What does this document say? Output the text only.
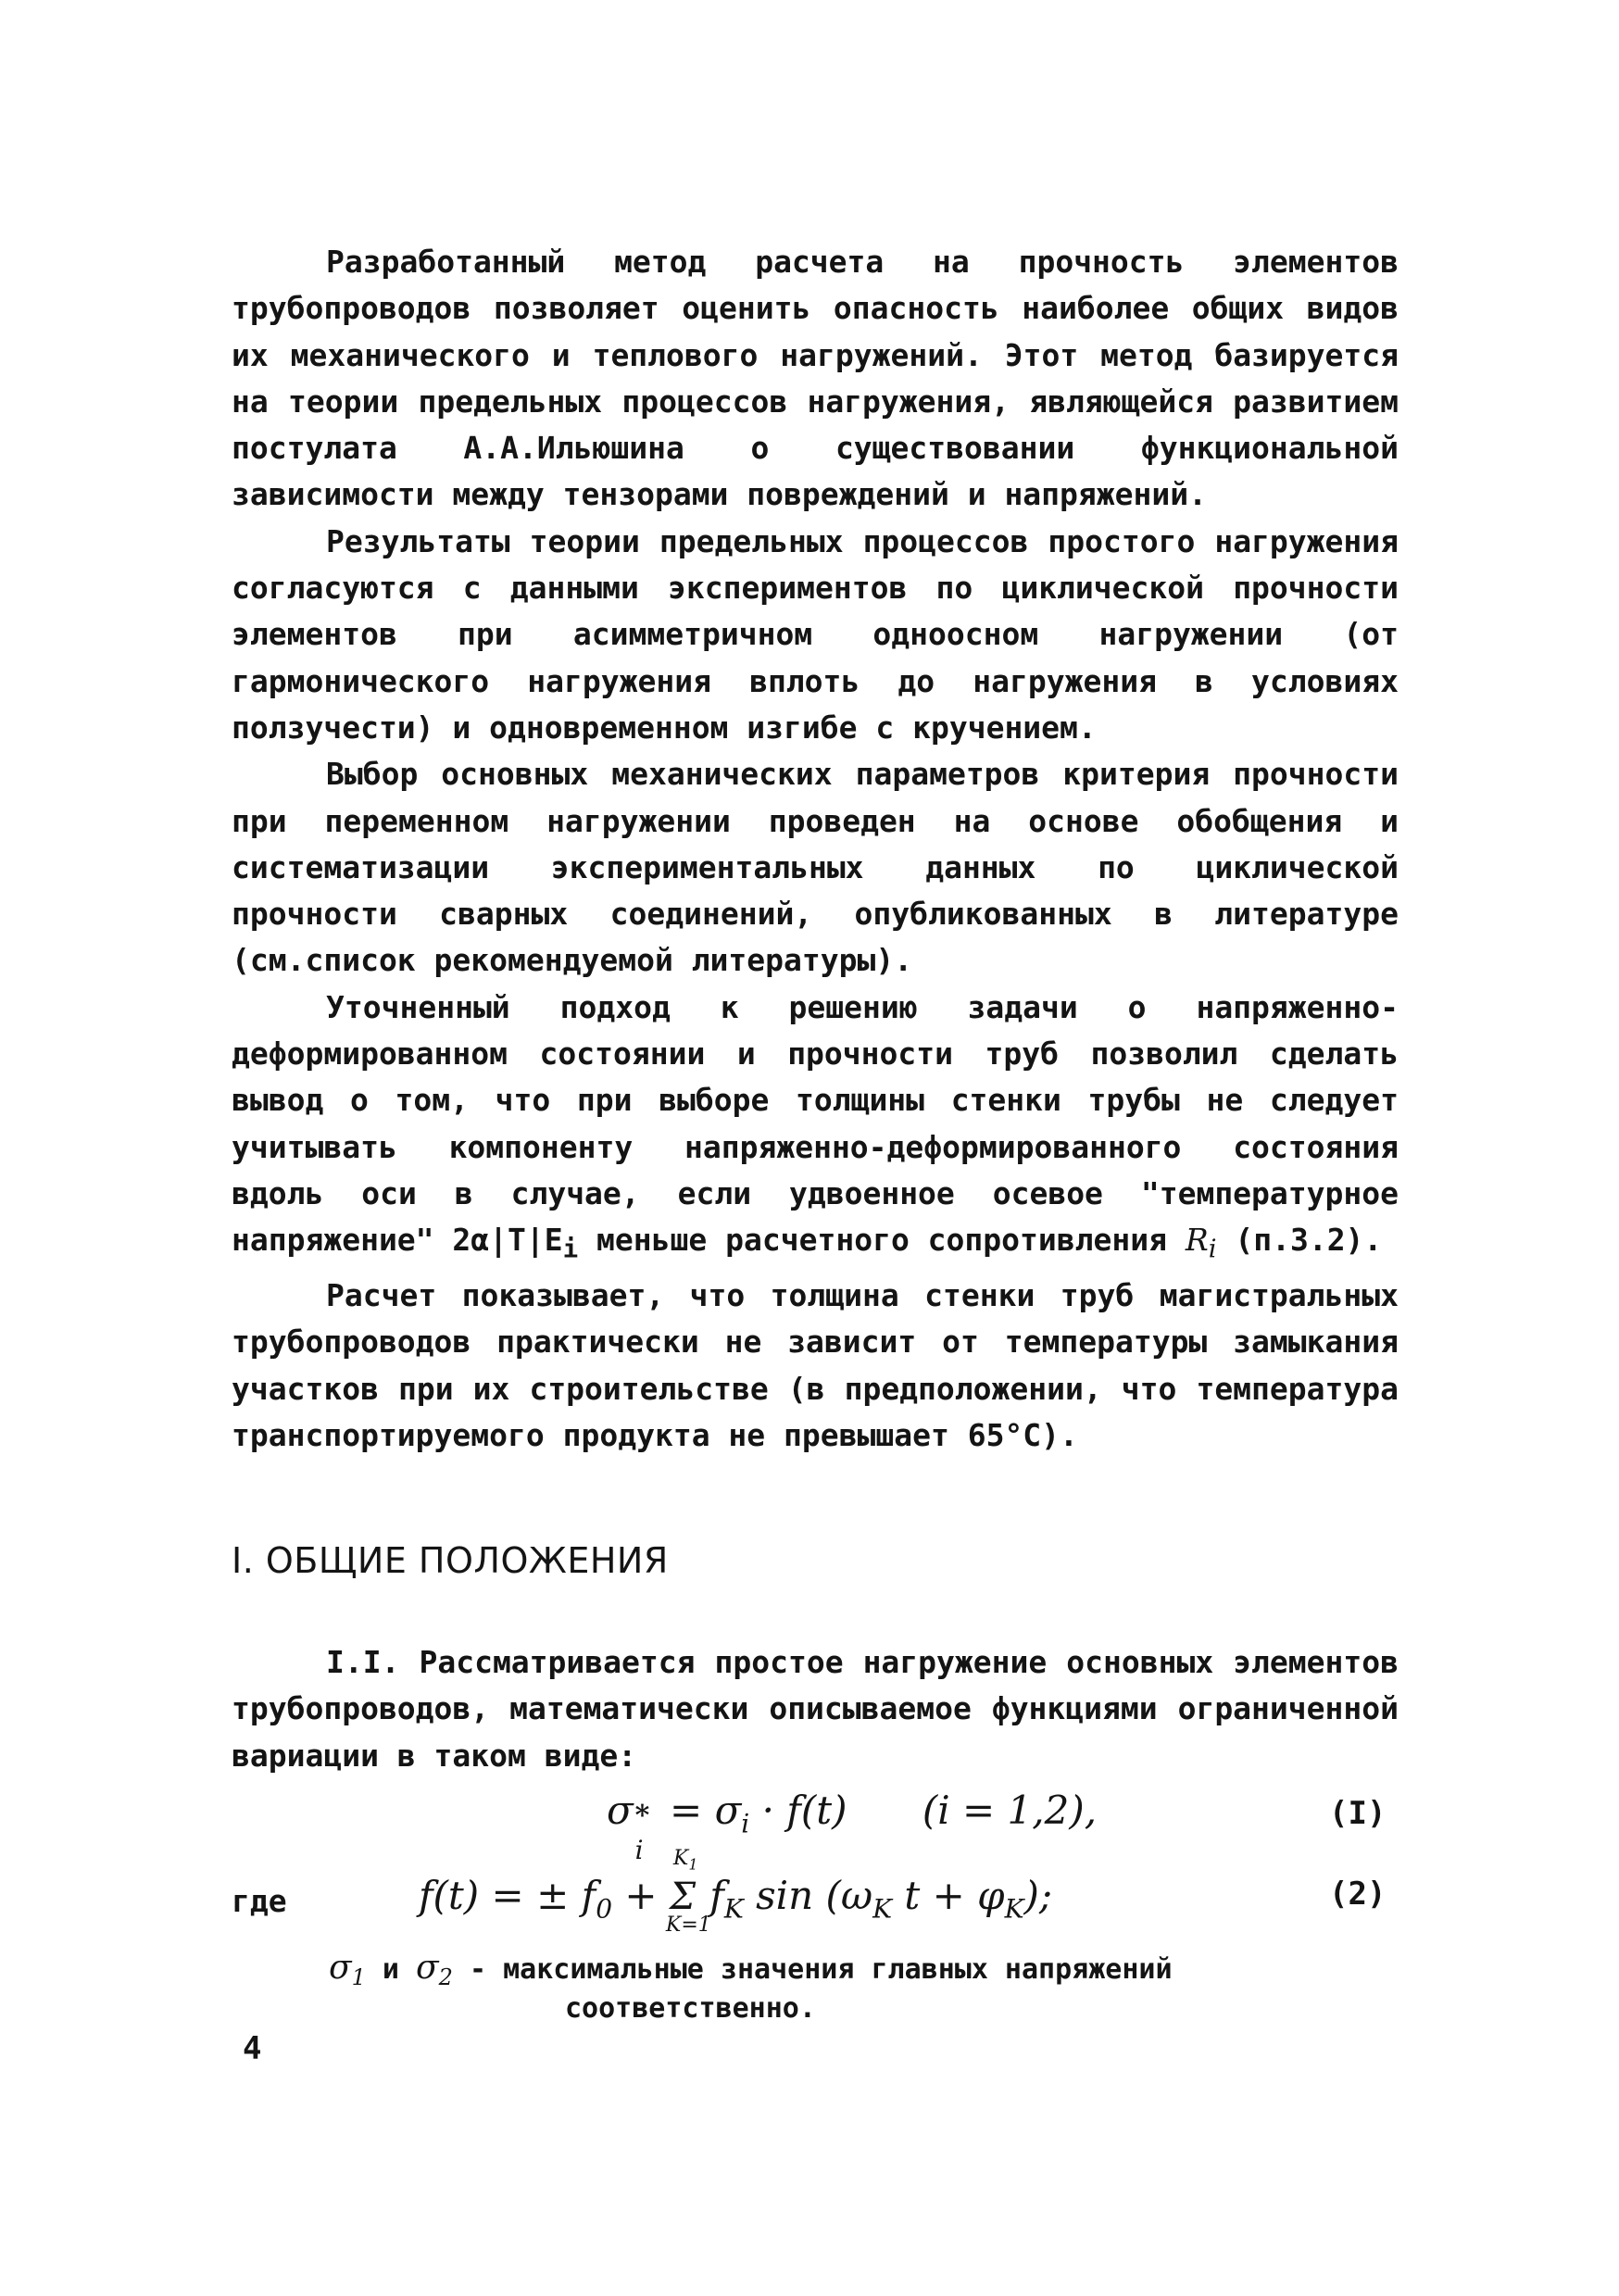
Разработанный метод расчета на прочность элементов трубопроводов позволяет оценить опасность наиболее общих видов их механического и теплового нагружений. Этот метод базируется на теории предельных процессов нагружения, являющейся развитием постулата А.А.Ильюшина о существовании функциональной зависимости между тензорами повреждений и напряжений.

Результаты теории предельных процессов простого нагружения согласуются с данными экспериментов по циклической прочности элементов при асимметричном одноосном нагружении (от гармонического нагружения вплоть до нагружения в условиях ползучести) и одновременном изгибе с кручением.

Выбор основных механических параметров критерия прочности при переменном нагружении проведен на основе обобщения и систематизации экспериментальных данных по циклической прочности сварных соединений, опубликованных в литературе (см.список рекомендуемой литературы).

Уточненный подход к решению задачи о напряженно-деформированном состоянии и прочности труб позволил сделать вывод о том, что при выборе толщины стенки трубы не следует учитывать компоненту напряженно-деформированного состояния вдоль оси в случае, если удвоенное осевое "температурное напряжение" $2\alpha|T|E_i$ меньше расчетного сопротивления $R_i$ (п.3.2).

Расчет показывает, что толщина стенки труб магистральных трубопроводов практически не зависит от температуры замыкания участков при их строительстве (в предположении, что температура транспортируемого продукта не превышает 65°С).

I. ОБЩИЕ ПОЛОЖЕНИЯ

I.I. Рассматривается простое нагружение основных элементов трубопроводов, математически описываемое функциями ограниченной вариации в таком виде:

σ *
i
= $\sigma_i \cdot f(t) (i = 1,2)$,	(I)
где	f(t) = ± $f_0$ +
$K_1$
Σ
K=1
$f_K$ $\sin (\omega_K$ $t + \varphi_K$);	(2)
$\sigma_1$ и $\sigma_2$ - максимальные значения главных напряжений
соответственно.
4
